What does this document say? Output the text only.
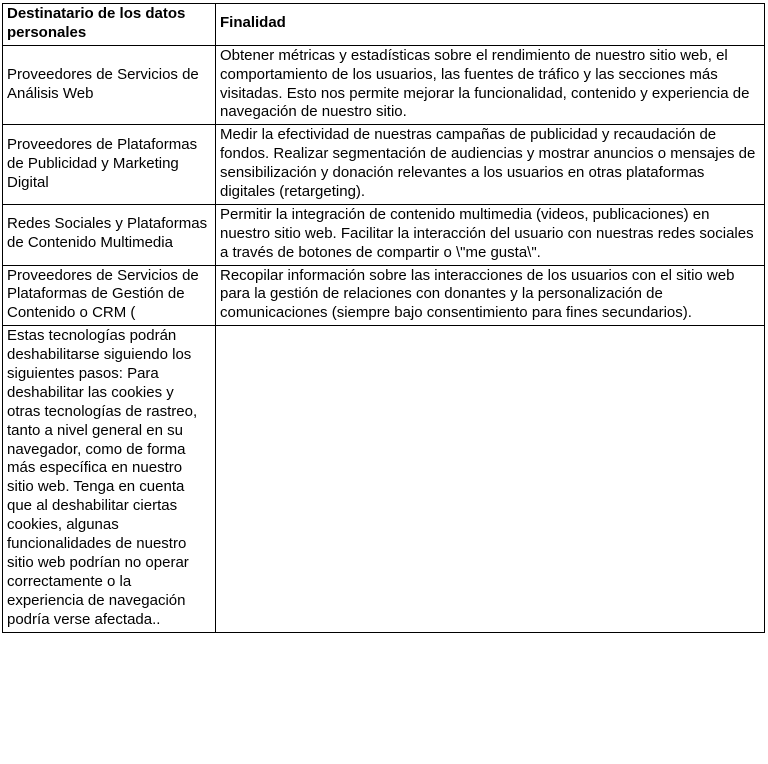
Destinatario de los datos personales	Finalidad
Proveedores de Servicios de Análisis Web	Obtener métricas y estadísticas sobre el rendimiento de nuestro sitio web, el comportamiento de los usuarios, las fuentes de tráfico y las secciones más visitadas. Esto nos permite mejorar la funcionalidad, contenido y experiencia de navegación de nuestro sitio.
Proveedores de Plataformas de Publicidad y Marketing Digital	Medir la efectividad de nuestras campañas de publicidad y recaudación de fondos. Realizar segmentación de audiencias y mostrar anuncios o mensajes de sensibilización y donación relevantes a los usuarios en otras plataformas digitales (retargeting).
Redes Sociales y Plataformas de Contenido Multimedia	Permitir la integración de contenido multimedia (videos, publicaciones) en nuestro sitio web. Facilitar la interacción del usuario con nuestras redes sociales a través de botones de compartir o \"me gusta\".
Proveedores de Servicios de Plataformas de Gestión de Contenido o CRM (	Recopilar información sobre las interacciones de los usuarios con el sitio web para la gestión de relaciones con donantes y la personalización de comunicaciones (siempre bajo consentimiento para fines secundarios).
Estas tecnologías podrán deshabilitarse siguiendo los siguientes pasos: Para deshabilitar las cookies y otras tecnologías de rastreo, tanto a nivel general en su navegador, como de forma más específica en nuestro sitio web. Tenga en cuenta que al deshabilitar ciertas cookies, algunas funcionalidades de nuestro sitio web podrían no operar correctamente o la experiencia de navegación podría verse afectada..	
